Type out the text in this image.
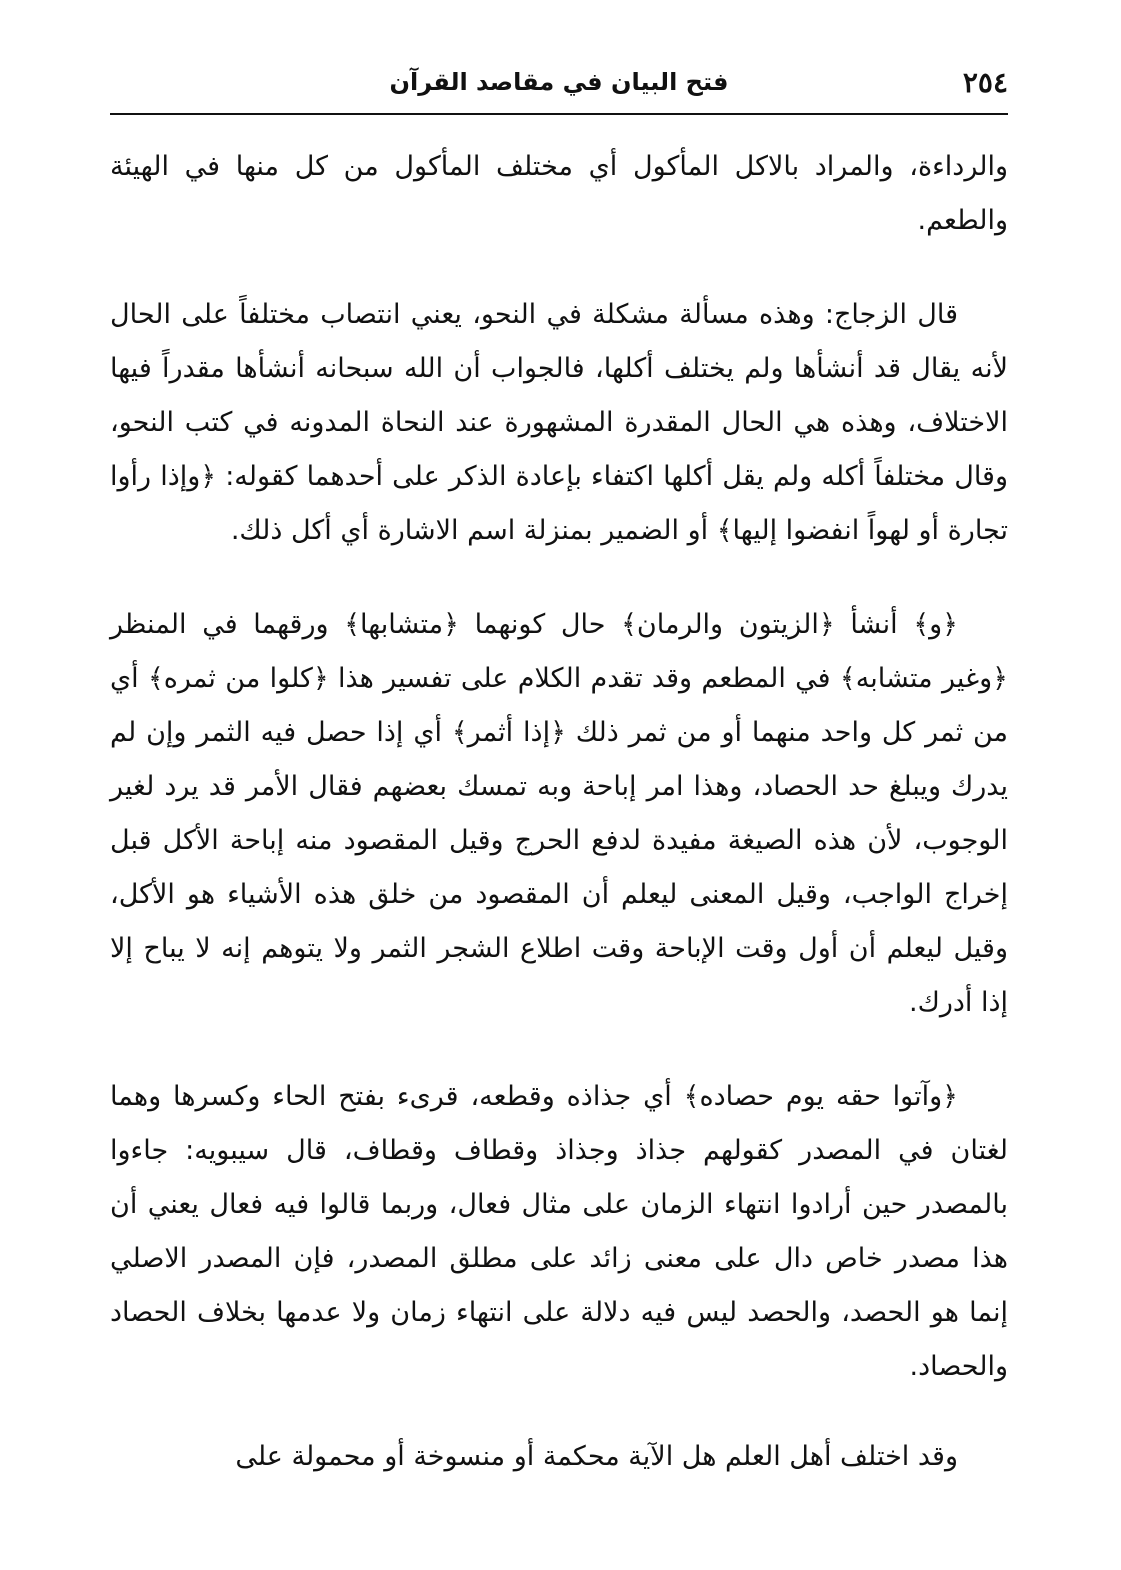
٢٥٤
فتح البيان في مقاصد القرآن

والرداءة، والمراد بالاكل المأكول أي مختلف المأكول من كل منها في الهيئة والطعم.

قال الزجاج: وهذه مسألة مشكلة في النحو، يعني انتصاب مختلفاً على الحال لأنه يقال قد أنشأها ولم يختلف أكلها، فالجواب أن الله سبحانه أنشأها مقدراً فيها الاختلاف، وهذه هي الحال المقدرة المشهورة عند النحاة المدونه في كتب النحو، وقال مختلفاً أكله ولم يقل أكلها اكتفاء بإعادة الذكر على أحدهما كقوله: ﴿وإذا رأوا تجارة أو لهواً انفضوا إليها﴾ أو الضمير بمنزلة اسم الاشارة أي أكل ذلك.

﴿و﴾ أنشأ ﴿الزيتون والرمان﴾ حال كونهما ﴿متشابها﴾ ورقهما في المنظر ﴿وغير متشابه﴾ في المطعم وقد تقدم الكلام على تفسير هذا ﴿كلوا من ثمره﴾ أي من ثمر كل واحد منهما أو من ثمر ذلك ﴿إذا أثمر﴾ أي إذا حصل فيه الثمر وإن لم يدرك ويبلغ حد الحصاد، وهذا امر إباحة وبه تمسك بعضهم فقال الأمر قد يرد لغير الوجوب، لأن هذه الصيغة مفيدة لدفع الحرج وقيل المقصود منه إباحة الأكل قبل إخراج الواجب، وقيل المعنى ليعلم أن المقصود من خلق هذه الأشياء هو الأكل، وقيل ليعلم أن أول وقت الإباحة وقت اطلاع الشجر الثمر ولا يتوهم إنه لا يباح إلا إذا أدرك.

﴿وآتوا حقه يوم حصاده﴾ أي جذاذه وقطعه، قرىء بفتح الحاء وكسرها وهما لغتان في المصدر كقولهم جذاذ وجذاذ وقطاف وقطاف، قال سيبويه: جاءوا بالمصدر حين أرادوا انتهاء الزمان على مثال فعال، وربما قالوا فيه فعال يعني أن هذا مصدر خاص دال على معنى زائد على مطلق المصدر، فإن المصدر الاصلي إنما هو الحصد، والحصد ليس فيه دلالة على انتهاء زمان ولا عدمها بخلاف الحصاد والحصاد.

وقد اختلف أهل العلم هل الآية محكمة أو منسوخة أو محمولة على
